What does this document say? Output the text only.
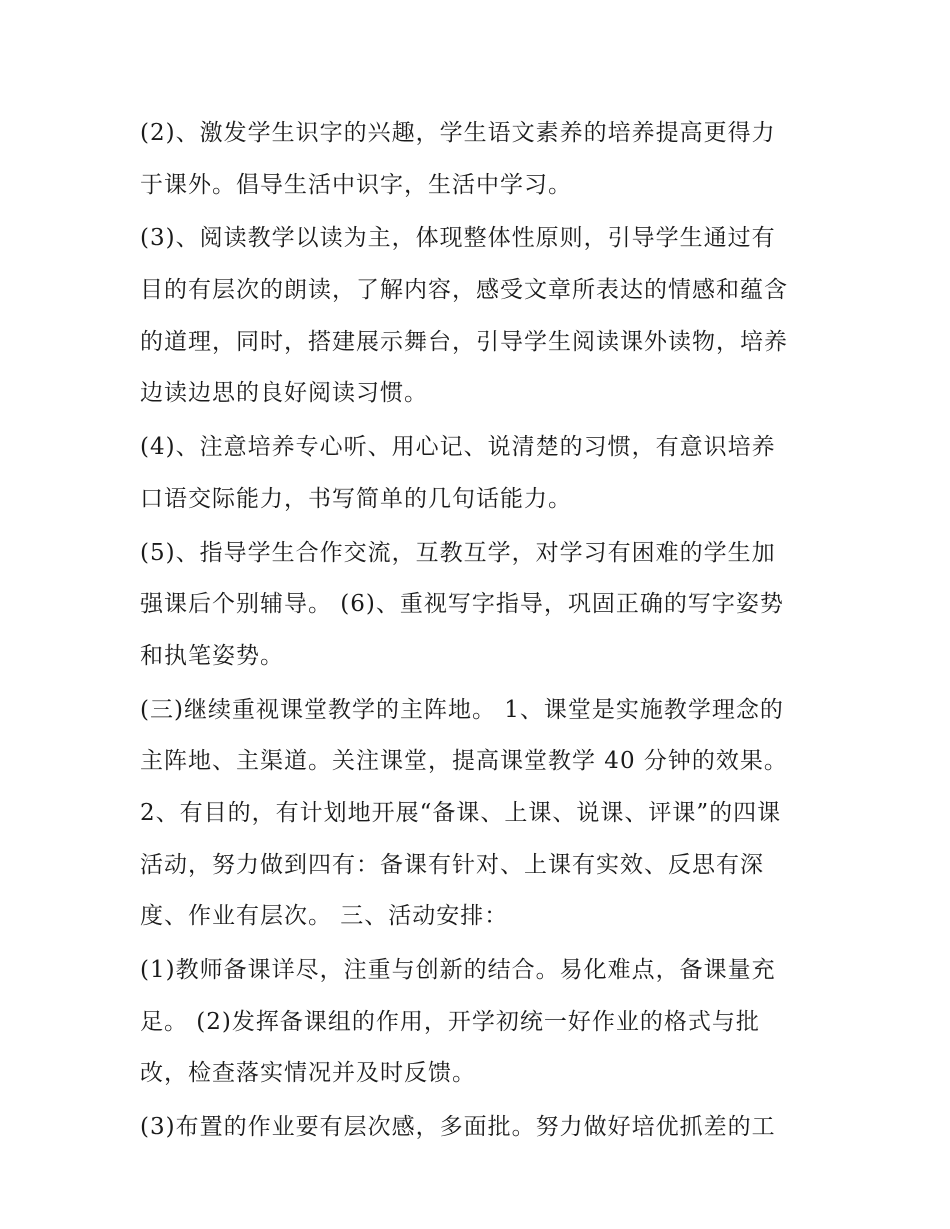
(2)、激发学生识字的兴趣，学生语文素养的培养提高更得力
于课外。倡导生活中识字，生活中学习。
(3)、阅读教学以读为主，体现整体性原则，引导学生通过有
目的有层次的朗读，了解内容，感受文章所表达的情感和蕴含
的道理，同时，搭建展示舞台，引导学生阅读课外读物，培养
边读边思的良好阅读习惯。
(4)、注意培养专心听、用心记、说清楚的习惯，有意识培养
口语交际能力，书写简单的几句话能力。
(5)、指导学生合作交流，互教互学，对学习有困难的学生加
强课后个别辅导。 (6)、重视写字指导，巩固正确的写字姿势
和执笔姿势。
(三)继续重视课堂教学的主阵地。 1、课堂是实施教学理念的
主阵地、主渠道。关注课堂，提高课堂教学 40 分钟的效果。
2、有目的，有计划地开展“备课、上课、说课、评课”的四课
活动，努力做到四有：备课有针对、上课有实效、反思有深
度、作业有层次。 三、活动安排：
(1)教师备课详尽，注重与创新的结合。易化难点，备课量充
足。 (2)发挥备课组的作用，开学初统一好作业的格式与批
改，检查落实情况并及时反馈。
(3)布置的作业要有层次感，多面批。努力做好培优抓差的工
